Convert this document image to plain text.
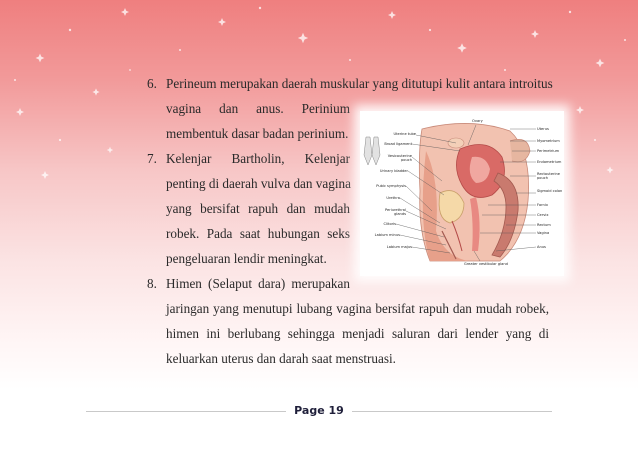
6. Perineum merupakan daerah muskular yang ditutupi kulit antara introitus
vagina dan anus. Perinium
membentuk dasar badan perinium.
7. Kelenjar Bartholin, Kelenjar
penting di daerah vulva dan vagina
yang bersifat rapuh dan mudah
robek. Pada saat hubungan seks
pengeluaran lendir meningkat.
8. Himen (Selaput dara) merupakan
jaringan yang menutupi lubang vagina bersifat rapuh dan mudah robek,
himen ini berlubang sehingga menjadi saluran dari lender yang di
keluarkan uterus dan darah saat menstruasi.
Uterine tube
Broad ligament
Vesicouterine pouch
Urinary bladder
Pubic symphysis
Urethra
Periurethral glands
Clitoris
Labium minus
Labium majus
Ovary
Uterus
Myometrium
Perimetrium
Endometrium
Rectouterine pouch
Sigmoid colon
Fornix
Cervix
Rectum
Vagina
Anus
Greater vestibular gland
Page 19
